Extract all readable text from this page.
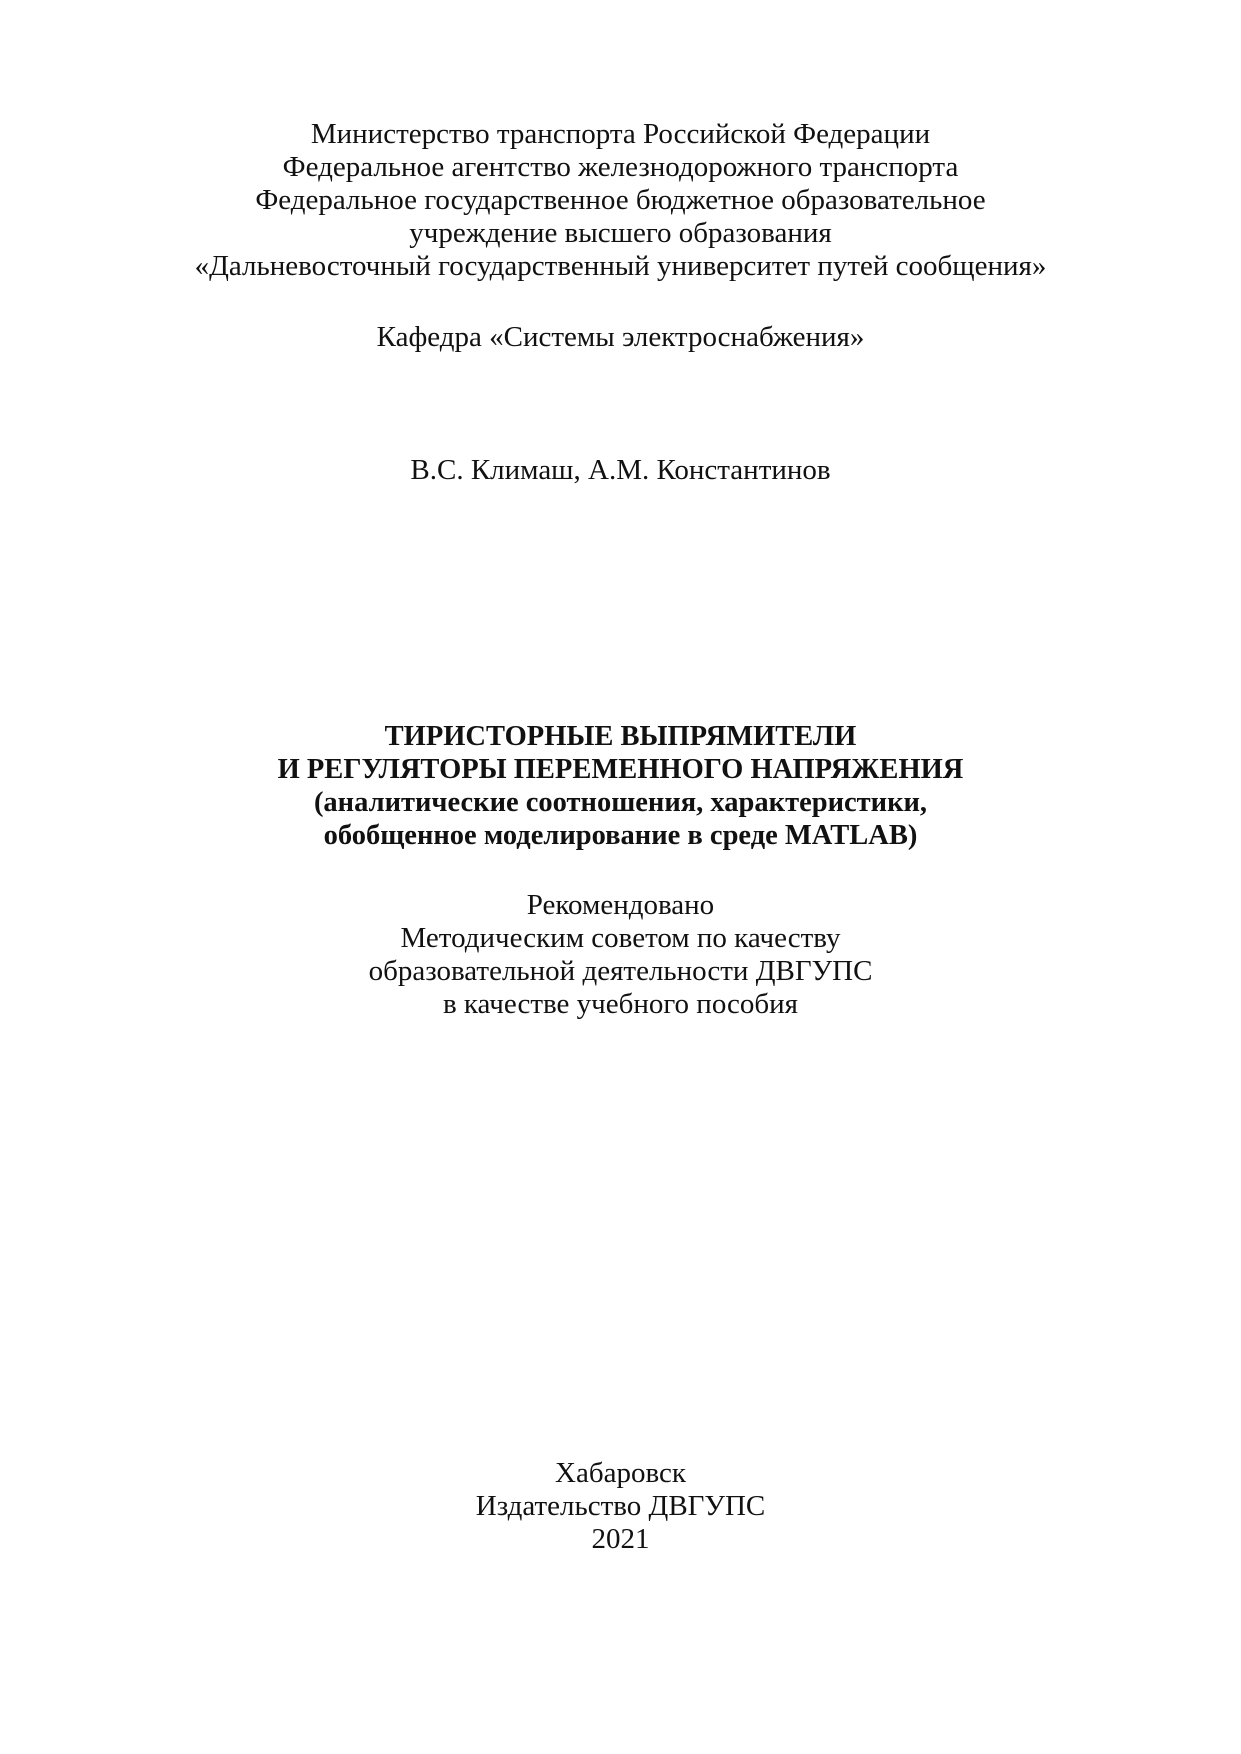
Министерство транспорта Российской Федерации
Федеральное агентство железнодорожного транспорта
Федеральное государственное бюджетное образовательное
учреждение высшего образования
«Дальневосточный государственный университет путей сообщения»
Кафедра «Системы электроснабжения»
В.С. Климаш, А.М. Константинов
ТИРИСТОРНЫЕ ВЫПРЯМИТЕЛИ
И РЕГУЛЯТОРЫ ПЕРЕМЕННОГО НАПРЯЖЕНИЯ
(аналитические соотношения, характеристики,
обобщенное моделирование в среде MATLAB)
Рекомендовано
Методическим советом по качеству
образовательной деятельности ДВГУПС
в качестве учебного пособия
Хабаровск
Издательство ДВГУПС
2021
